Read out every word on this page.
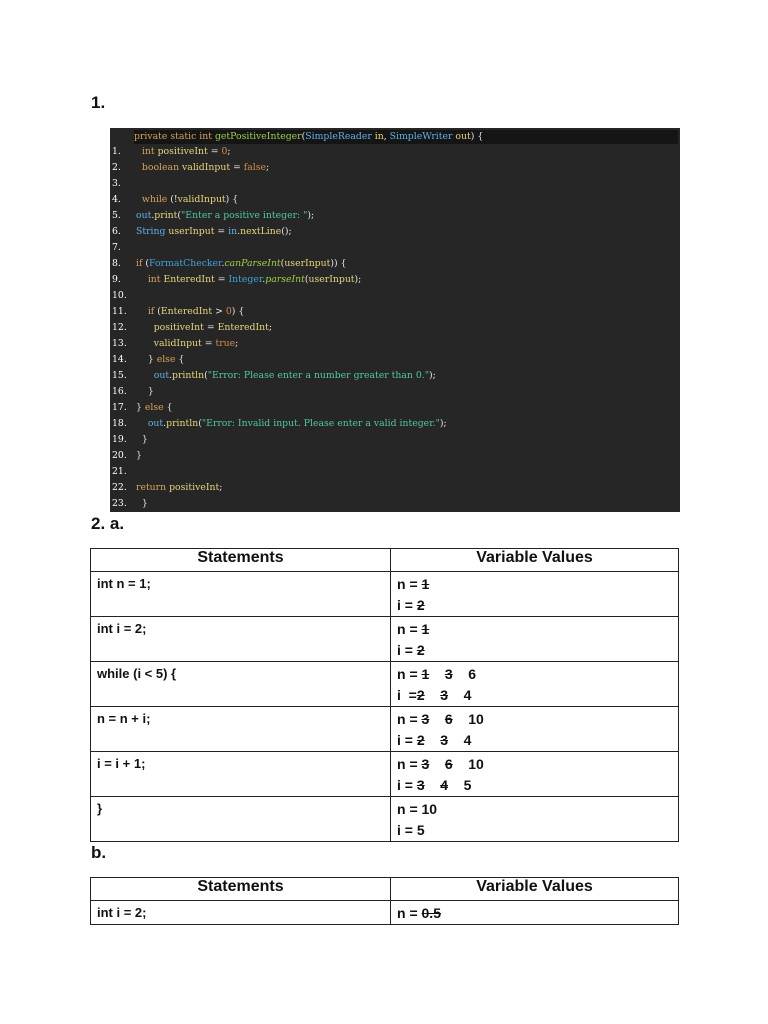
1.
private static int getPositiveInteger(SimpleReader in, SimpleWriter out) {
1.  int positiveInt = 0;
2.  boolean validInput = false;
3.
4.  while (!validInput) {
5. out.print("Enter a positive integer: ");
6. String userInput = in.nextLine();
7.
8. if (FormatChecker.canParseInt(userInput)) {
9.    int EnteredInt = Integer.parseInt(userInput);
10.
11.    if (EnteredInt > 0) {
12.      positiveInt = EnteredInt;
13.      validInput = true;
14.    } else {
15.      out.println("Error: Please enter a number greater than 0.");
16.    }
17. } else {
18.    out.println("Error: Invalid input. Please enter a valid integer.");
19.  }
20. }
21.
22. return positiveInt;
23.  }
2. a.
Statements	Variable Values
int n = 1;	n = 1
i = 2

int i = 2;	n = 1
i = 2

while (i < 5) {	n = 1 3    6
i  =2 3    4

n = n + i;	n = 3 6    10
i = 2 3    4

i = i + 1;	n = 3 6    10
i = 3 4    5

}	n = 10
i = 5
b.
Statements	Variable Values
int i = 2;	n = 0.5
